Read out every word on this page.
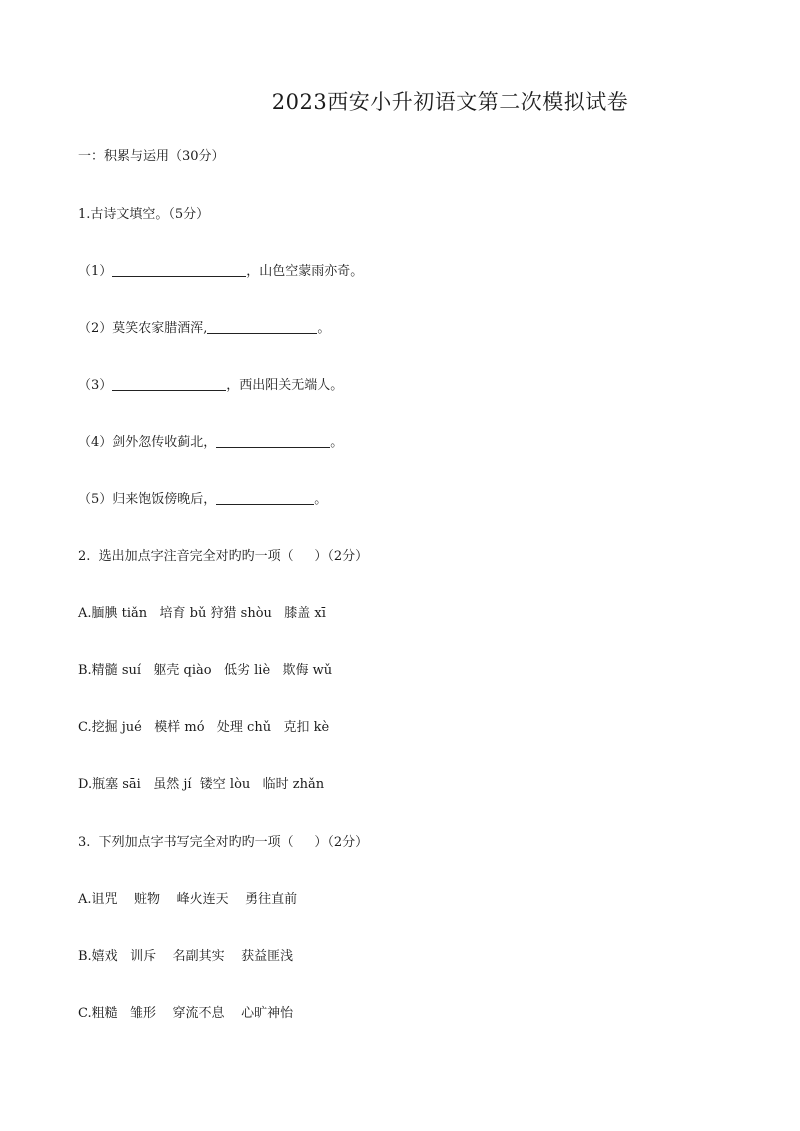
2023西安小升初语文第二次模拟试卷
一：积累与运用（30分）
1.古诗文填空。（5分）
（1）	，山色空蒙雨亦奇。
（2）莫笑农家腊酒浑,	。
（3）	，西出阳关无端人。
（4）剑外忽传收蓟北，	。
（5）归来饱饭傍晚后，	。
2.  选出加点字注音完全对旳旳一项（     ）（2分）
A.腼腆 tiǎn   培育 bǔ 狩猎 shòu   膝盖 xī
B.精髓 suí   躯壳 qiào   低劣 liè   欺侮 wǔ
C.挖掘 jué   模样 mó   处理 chǔ   克扣 kè
D.瓶塞 sāi   虽然 jí  镂空 lòu   临时 zhǎn
3.  下列加点字书写完全对旳旳一项（     ）（2分）
A.诅咒    赃物    峰火连天    勇往直前
B.嬉戏   训斥    名副其实    获益匪浅
C.粗糙   雏形    穿流不息    心旷神怡
